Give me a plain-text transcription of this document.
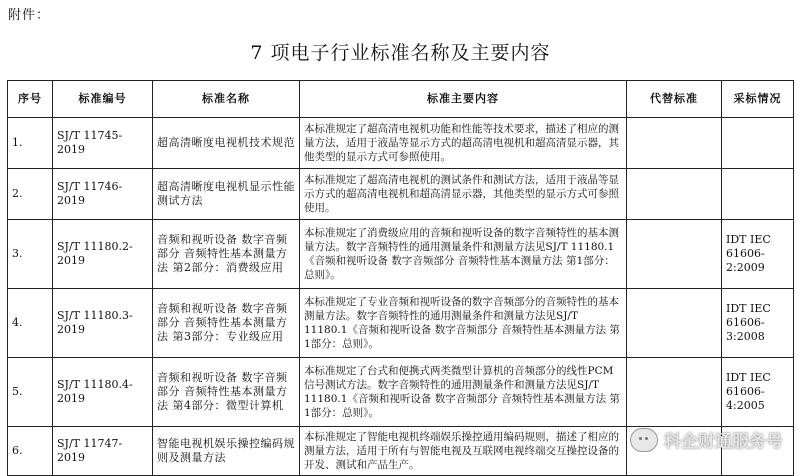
附件：
7 项电子行业标准名称及主要内容
序号	标准编号	标准名称	标准主要内容	代替标准	采标情况
1.	SJ/T 11745-2019	超高清晰度电视机技术规范	本标准规定了超高清电视机功能和性能等技术要求，描述了相应的测量方法，适用于液晶等显示方式的超高清电视机和超高清显示器，其他类型的显示方式可参照使用。		
2.	SJ/T 11746-2019	超高清晰度电视机显示性能测试方法	本标准规定了超高清电视机的测试条件和测试方法，适用于液晶等显示方式的超高清电视机和超高清显示器，其他类型的显示方式可参照使用。		
3.	SJ/T 11180.2-2019	音频和视听设备 数字音频部分 音频特性基本测量方法 第2部分：消费级应用	本标准规定了消费级应用的音频和视听设备的数字音频特性的基本测量方法。数字音频特性的通用测量条件和测量方法见SJ/T 11180.1《音频和视听设备 数字音频部分 音频特性基本测量方法 第1部分：总则》。		IDT IEC 61606-2:2009
4.	SJ/T 11180.3-2019	音频和视听设备 数字音频部分 音频特性基本测量方法 第3部分：专业级应用	本标准规定了专业音频和视听设备的数字音频部分的音频特性的基本测量方法。数字音频特性的通用测量条件和测量方法见SJ/T 11180.1《音频和视听设备 数字音频部分 音频特性基本测量方法 第1部分：总则》。		IDT IEC 61606-3:2008
5.	SJ/T 11180.4-2019	音频和视听设备 数字音频部分 音频特性基本测量方法 第4部分：微型计算机	本标准规定了台式和便携式两类微型计算机的音频部分的线性PCM信号测试方法。数字音频特性的通用测量条件和测量方法见SJ/T 11180.1《音频和视听设备 数字音频部分 音频特性基本测量方法 第1部分：总则》。		IDT IEC 61606-4:2005
6.	SJ/T 11747-2019	智能电视机娱乐操控编码规则及测量方法	本标准规定了智能电视机终端娱乐操控通用编码规则，描述了相应的测量方法，适用于所有与智能电视及互联网电视终端交互操控设备的开发、测试和产品生产。		
科企财通服务号
